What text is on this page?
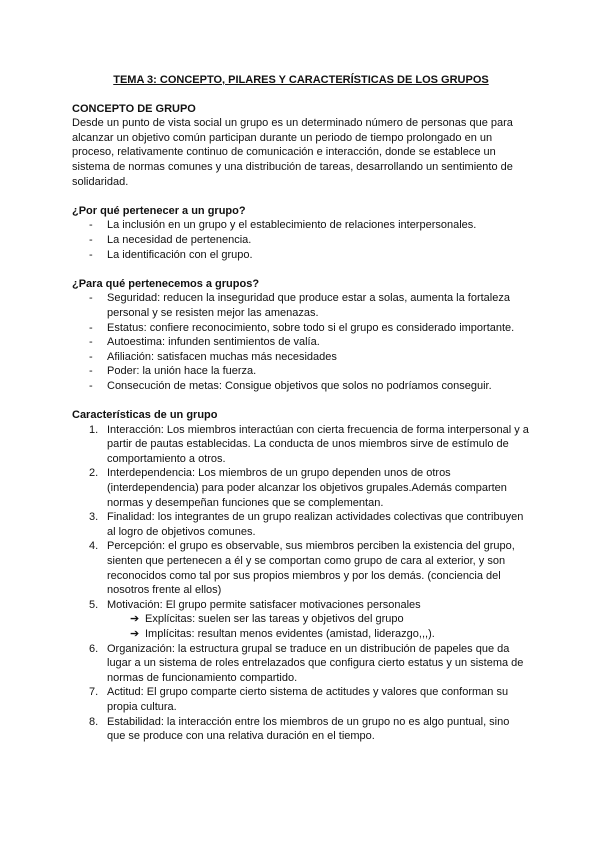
TEMA 3: CONCEPTO, PILARES Y CARACTERÍSTICAS DE LOS GRUPOS

CONCEPTO DE GRUPO

Desde un punto de vista social un grupo es un determinado número de personas que para alcanzar un objetivo común participan durante un periodo de tiempo prolongado en un proceso, relativamente continuo de comunicación e interacción, donde se establece un sistema de normas comunes y una distribución de tareas, desarrollando un sentimiento de solidaridad.

¿Por qué pertenecer a un grupo?

- La inclusión en un grupo y el establecimiento de relaciones interpersonales.
- La necesidad de pertenencia.
- La identificación con el grupo.

¿Para qué pertenecemos a grupos?

- Seguridad: reducen la inseguridad que produce estar a solas, aumenta la fortaleza personal y se resisten mejor las amenazas.
- Estatus: confiere reconocimiento, sobre todo si el grupo es considerado importante.
- Autoestima: infunden sentimientos de valía.
- Afiliación: satisfacen muchas más necesidades
- Poder: la unión hace la fuerza.
- Consecución de metas: Consigue objetivos que solos no podríamos conseguir.

Características de un grupo

1. Interacción: Los miembros interactúan con cierta frecuencia de forma interpersonal y a partir de pautas establecidas. La conducta de unos miembros sirve de estímulo de comportamiento a otros.
2. Interdependencia: Los miembros de un grupo dependen unos de otros (interdependencia) para poder alcanzar los objetivos grupales.Además comparten normas y desempeñan funciones que se complementan.
3. Finalidad: los integrantes de un grupo realizan actividades colectivas que contribuyen al logro de objetivos comunes.
4. Percepción: el grupo es observable, sus miembros perciben la existencia del grupo, sienten que pertenecen a él y se comportan como grupo de cara al exterior, y son reconocidos como tal por sus propios miembros y por los demás. (conciencia del nosotros frente al ellos)
5. Motivación: El grupo permite satisfacer motivaciones personales
➔ Explícitas: suelen ser las tareas y objetivos del grupo
➔ Implícitas: resultan menos evidentes (amistad, liderazgo,,,).
6. Organización: la estructura grupal se traduce en un distribución de papeles que da lugar a un sistema de roles entrelazados que configura cierto estatus y un sistema de normas de funcionamiento compartido.
7. Actitud: El grupo comparte cierto sistema de actitudes y valores que conforman su propia cultura.
8. Estabilidad: la interacción entre los miembros de un grupo no es algo puntual, sino que se produce con una relativa duración en el tiempo.
